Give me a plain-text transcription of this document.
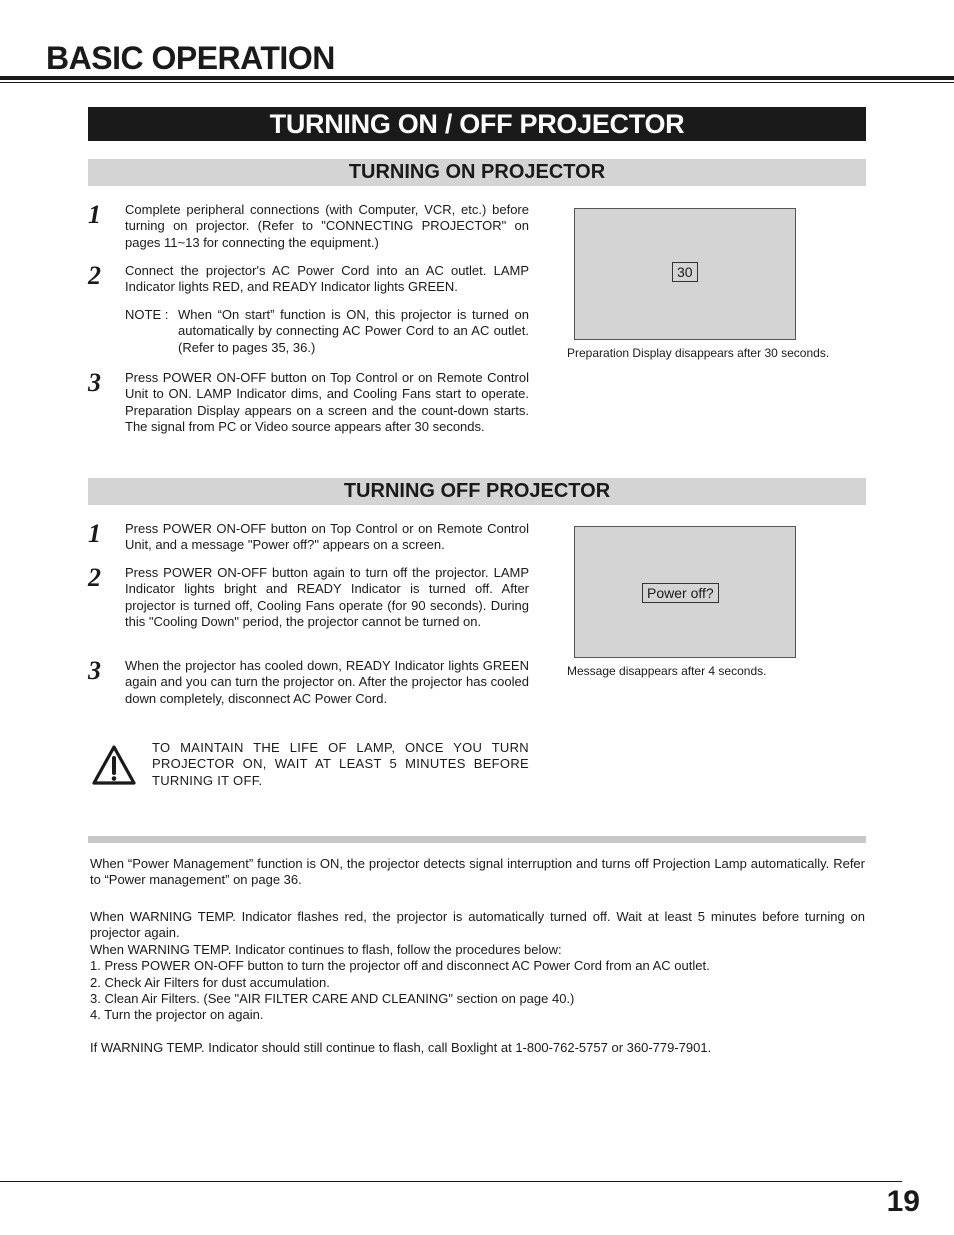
BASIC OPERATION
TURNING ON / OFF PROJECTOR
TURNING ON PROJECTOR
1	Complete peripheral connections (with Computer, VCR, etc.) before turning on projector. (Refer to "CONNECTING PROJECTOR" on pages 11~13 for connecting the equipment.)
2	Connect the projector's AC Power Cord into an AC outlet. LAMP Indicator lights RED, and READY Indicator lights GREEN.
NOTE : When “On start” function is ON, this projector is turned on automatically by connecting AC Power Cord to an AC outlet. (Refer to pages 35, 36.)
3	Press POWER ON-OFF button on Top Control or on Remote Control Unit to ON. LAMP Indicator dims, and Cooling Fans start to operate. Preparation Display appears on a screen and the count-down starts. The signal from PC or Video source appears after 30 seconds.
30
Preparation Display disappears after 30 seconds.
TURNING OFF PROJECTOR
1	Press POWER ON-OFF button on Top Control or on Remote Control Unit, and a message "Power off?" appears on a screen.
2	Press POWER ON-OFF button again to turn off the projector. LAMP Indicator lights bright and READY Indicator is turned off. After projector is turned off, Cooling Fans operate (for 90 seconds). During this "Cooling Down" period, the projector cannot be turned on.
3	When the projector has cooled down, READY Indicator lights GREEN again and you can turn the projector on. After the projector has cooled down completely, disconnect AC Power Cord.
Power off?
Message disappears after 4 seconds.
TO MAINTAIN THE LIFE OF LAMP, ONCE YOU TURN PROJECTOR ON, WAIT AT LEAST 5 MINUTES BEFORE TURNING IT OFF.
When “Power Management” function is ON, the projector detects signal interruption and turns off Projection Lamp automatically. Refer to “Power management” on page 36.
When WARNING TEMP. Indicator flashes red, the projector is automatically turned off. Wait at least 5 minutes before turning on projector again.
When WARNING TEMP. Indicator continues to flash, follow the procedures below:
1. Press POWER ON-OFF button to turn the projector off and disconnect AC Power Cord from an AC outlet.
2. Check Air Filters for dust accumulation.
3. Clean Air Filters. (See "AIR FILTER CARE AND CLEANING" section on page 40.)
4. Turn the projector on again.
If WARNING TEMP. Indicator should still continue to flash, call Boxlight at 1-800-762-5757 or 360-779-7901.
19
